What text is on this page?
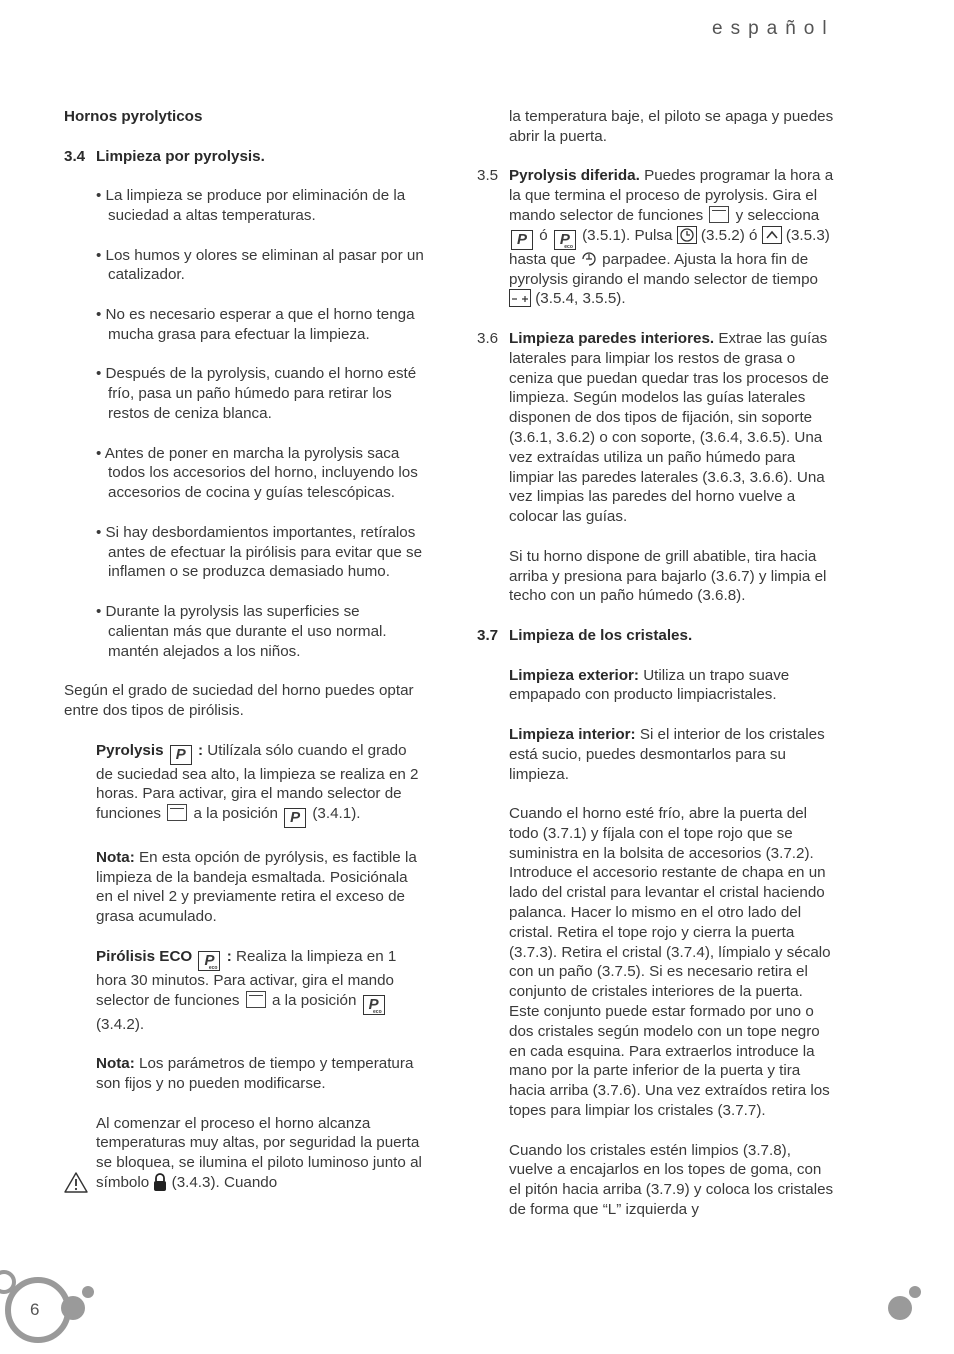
español

Hornos pyrolyticos

3.4 Limpieza por pyrolysis.

• La limpieza se produce por eliminación de la suciedad a altas temperaturas.

• Los humos y olores se eliminan al pasar por un catalizador.

• No es necesario esperar a que el horno tenga mucha grasa para efectuar la limpieza.

• Después de la pyrolysis, cuando el horno esté frío, pasa un paño húmedo para retirar los restos de ceniza blanca.

• Antes de poner en marcha la pyrolysis saca todos los accesorios del horno, incluyendo los accesorios de cocina y guías telescópicas.

• Si hay desbordamientos importantes, retíralos antes de efectuar la pirólisis para evitar que se inflamen o se produzca demasiado humo.

• Durante la pyrolysis las superficies se calientan más que durante el uso normal. mantén alejados a los niños.

Según el grado de suciedad del horno puedes optar entre dos tipos de pirólisis.

Pyrolysis P : Utilízala sólo cuando el grado de suciedad sea alto, la limpieza se realiza en 2 horas. Para activar, gira el mando selector de funciones  a la posición P (3.4.1).

Nota: En esta opción de pyrólysis, es factible la limpieza de la bandeja esmaltada. Posiciónala en el nivel 2 y previamente retira el exceso de grasa acumulado.

Pirólisis ECO P eco : Realiza la limpieza en 1 hora 30 minutos. Para activar, gira el mando selector de funciones  a la posición P eco (3.4.2).

Nota: Los parámetros de tiempo y temperatura son fijos y no pueden modificarse.

Al comenzar el proceso el horno alcanza temperaturas muy altas, por seguridad la puerta se bloquea, se ilumina el piloto luminoso junto al símbolo  (3.4.3). Cuando

la temperatura baje, el piloto se apaga y puedes abrir la puerta.

3.5 Pyrolysis diferida. Puedes programar la hora a la que termina el proceso de pyrolysis. Gira el mando selector de funciones  y selecciona P ó P eco (3.5.1). Pulsa  (3.5.2) ó  (3.5.3) hasta que  parpadee. Ajusta la hora fin de pyrolysis girando el mando selector de tiempo  (3.5.4, 3.5.5).

3.6 Limpieza paredes interiores. Extrae las guías laterales para limpiar los restos de grasa o ceniza que puedan quedar tras los procesos de limpieza. Según modelos las guías laterales disponen de dos tipos de fijación, sin soporte (3.6.1, 3.6.2) o con soporte, (3.6.4, 3.6.5). Una vez extraídas utiliza un paño húmedo para limpiar las paredes laterales (3.6.3, 3.6.6). Una vez limpias las paredes del horno vuelve a colocar las guías.

Si tu horno dispone de grill abatible, tira hacia arriba y presiona para bajarlo (3.6.7) y limpia el techo con un paño húmedo (3.6.8).

3.7 Limpieza de los cristales.

Limpieza exterior: Utiliza un trapo suave empapado con producto limpiacristales.

Limpieza interior: Si el interior de los cristales está sucio, puedes desmontarlos para su limpieza.

Cuando el horno esté frío, abre la puerta del todo (3.7.1) y fíjala con el tope rojo que se suministra en la bolsita de accesorios (3.7.2). Introduce el accesorio restante de chapa en un lado del cristal para levantar el cristal haciendo palanca. Hacer lo mismo en el otro lado del cristal. Retira el tope rojo y cierra la puerta (3.7.3). Retira el cristal (3.7.4), límpialo y sécalo con un paño (3.7.5). Si es necesario retira el conjunto de cristales interiores de la puerta. Este conjunto puede estar formado por uno o dos cristales según modelo con un tope negro en cada esquina. Para extraerlos introduce la mano por la parte inferior de la puerta y tira hacia arriba (3.7.6). Una vez extraídos retira los topes para limpiar los cristales (3.7.7).

Cuando los cristales estén limpios (3.7.8), vuelve a encajarlos en los topes de goma, con el pitón hacia arriba (3.7.9) y coloca los cristales de forma que “L” izquierda y

6
